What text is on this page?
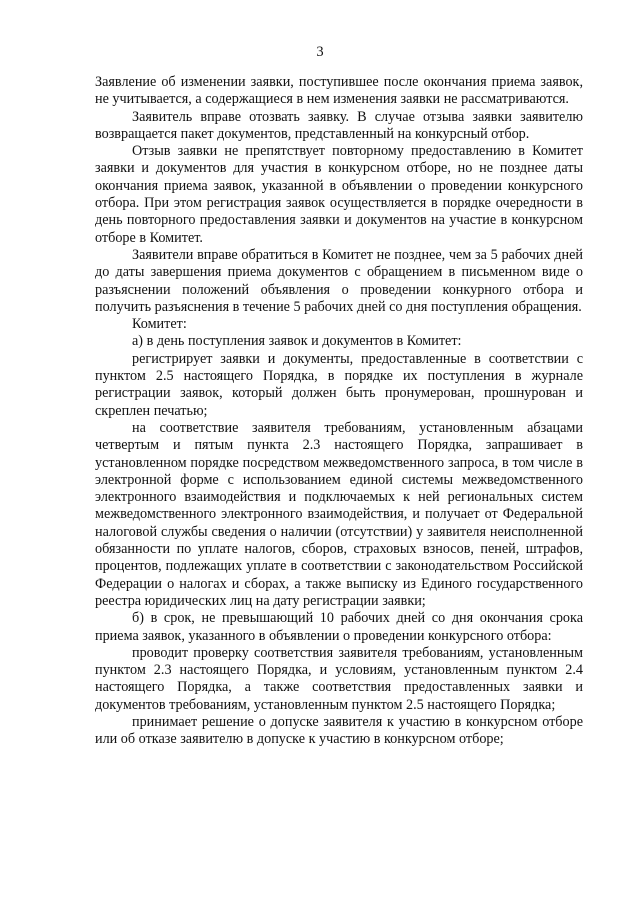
3

Заявление об изменении заявки, поступившее после окончания приема заявок, не учитывается, а содержащиеся в нем изменения заявки не рассматриваются.

Заявитель вправе отозвать заявку. В случае отзыва заявки заявителю возвращается пакет документов, представленный на конкурсный отбор.

Отзыв заявки не препятствует повторному предоставлению в Комитет заявки и документов для участия в конкурсном отборе, но не позднее даты окончания приема заявок, указанной в объявлении о проведении конкурсного отбора. При этом регистрация заявок осуществляется в порядке очередности в день повторного предоставления заявки и документов на участие в конкурсном отборе в Комитет.

Заявители вправе обратиться в Комитет не позднее, чем за 5 рабочих дней до даты завершения приема документов с обращением в письменном виде о разъяснении положений объявления о проведении конкурного отбора и получить разъяснения в течение 5 рабочих дней со дня поступления обращения.

Комитет:

а) в день поступления заявок и документов в Комитет:

регистрирует заявки и документы, предоставленные в соответствии с пунктом 2.5 настоящего Порядка, в порядке их поступления в журнале регистрации заявок, который должен быть пронумерован, прошнурован и скреплен печатью;

на соответствие заявителя требованиям, установленным абзацами четвертым и пятым пункта 2.3 настоящего Порядка, запрашивает в установленном порядке посредством межведомственного запроса, в том числе в электронной форме с использованием единой системы межведомственного электронного взаимодействия и подключаемых к ней региональных систем межведомственного электронного взаимодействия, и получает от Федеральной налоговой службы сведения о наличии (отсутствии) у заявителя неисполненной обязанности по уплате налогов, сборов, страховых взносов, пеней, штрафов, процентов, подлежащих уплате в соответствии с законодательством Российской Федерации о налогах и сборах, а также выписку из Единого государственного реестра юридических лиц на дату регистрации заявки;

б) в срок, не превышающий 10 рабочих дней со дня окончания срока приема заявок, указанного в объявлении о проведении конкурсного отбора:

проводит проверку соответствия заявителя требованиям, установленным пунктом 2.3 настоящего Порядка, и условиям, установленным пунктом 2.4 настоящего Порядка, а также соответствия предоставленных заявки и документов требованиям, установленным пунктом 2.5 настоящего Порядка;

принимает решение о допуске заявителя к участию в конкурсном отборе или об отказе заявителю в допуске к участию в конкурсном отборе;
